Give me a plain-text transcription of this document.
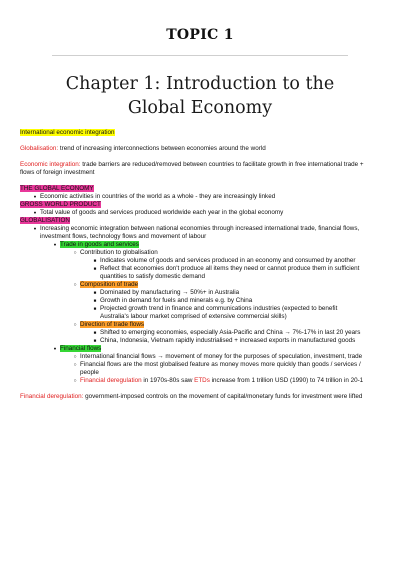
TOPIC 1
Chapter 1: Introduction to the Global Economy

International economic integration

Globalisation: trend of increasing interconnections between economies around the world

Economic integration: trade barriers are reduced/removed between countries to facilitate growth in free international trade + flows of foreign investment

THE GLOBAL ECONOMY

●
Economic activities in countries of the world as a whole - they are increasingly linked

GROSS WORLD PRODUCT

●
Total value of goods and services produced worldwide each year in the global economy

GLOBALISATION

●
Increasing economic integration between national economies through increased international trade, financial flows, investment flows, technology flows and movement of labour
●
Trade in goods and services
○
Contribution to globalisation
■
Indicates volume of goods and services produced in an economy and consumed by another
■
Reflect that economies don't produce all items they need or cannot produce them in sufficient quantities to satisfy domestic demand
○
Composition of trade
■
Dominated by manufacturing → 50%+ in Australia
■
Growth in demand for fuels and minerals e.g. by China
■
Projected growth trend in finance and communications industries (expected to benefit Australia's labour market comprised of extensive commercial skills)
○
Direction of trade flows
■
Shifted to emerging economies, especially Asia-Pacific and China → 7%-17% in last 20 years
■
China, Indonesia, Vietnam rapidly industrialised + increased exports in manufactured goods
●
Financial flows
○
International financial flows → movement of money for the purposes of speculation, investment, trade
○
Financial flows are the most globalised feature as money moves more quickly than goods / services / people
○
Financial deregulation in 1970s-80s saw ETDs increase from 1 trillion USD (1990) to 74 trillion in 20-1

Financial deregulation: government-imposed controls on the movement of capital/monetary funds for investment were lifted
